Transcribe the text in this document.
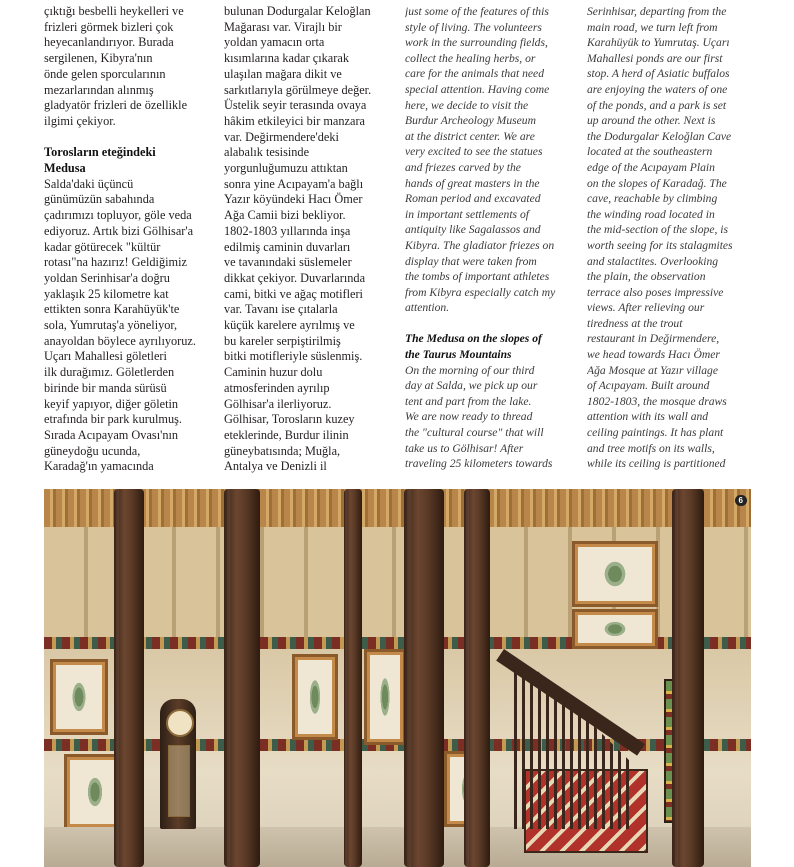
çıktığı besbelli heykelleri ve
frizleri görmek bizleri çok
heyecanlandırıyor. Burada
sergilenen, Kibyra'nın
önde gelen sporcularının
mezarlarından alınmış
gladyatör frizleri de özellikle
ilgimi çekiyor.

Torosların eteğindeki
Medusa

Salda'daki üçüncü
günümüzün sabahında
çadırımızı topluyor, göle veda
ediyoruz. Artık bizi Gölhisar'a
kadar götürecek "kültür
rotası"na hazırız! Geldiğimiz
yoldan Serinhisar'a doğru
yaklaşık 25 kilometre kat
ettikten sonra Karahüyük'te
sola, Yumrutaş'a yöneliyor,
anayoldan böylece ayrılıyoruz.
Uçarı Mahallesi göletleri
ilk durağımız. Göletlerden
birinde bir manda sürüsü
keyif yapıyor, diğer göletin
etrafında bir park kurulmuş.
Sırada Acıpayam Ovası'nın
güneydoğu ucunda,
Karadağ'ın yamacında

bulunan Dodurgalar Keloğlan
Mağarası var. Virajlı bir
yoldan yamacın orta
kısımlarına kadar çıkarak
ulaşılan mağara dikit ve
sarkıtlarıyla görülmeye değer.
Üstelik seyir terasında ovaya
hâkim etkileyici bir manzara
var. Değirmendere'deki
alabalık tesisinde
yorgunluğumuzu attıktan
sonra yine Acıpayam'a bağlı
Yazır köyündeki Hacı Ömer
Ağa Camii bizi bekliyor.
1802-1803 yıllarında inşa
edilmiş caminin duvarları
ve tavanındaki süslemeler
dikkat çekiyor. Duvarlarında
cami, bitki ve ağaç motifleri
var. Tavanı ise çıtalarla
küçük karelere ayrılmış ve
bu kareler serpiştirilmiş
bitki motifleriyle süslenmiş.
Caminin huzur dolu
atmosferinden ayrılıp
Gölhisar'a ilerliyoruz.
Gölhisar, Torosların kuzey
eteklerinde, Burdur ilinin
güneybatısında; Muğla,
Antalya ve Denizli il

just some of the features of this
style of living. The volunteers
work in the surrounding fields,
collect the healing herbs, or
care for the animals that need
special attention. Having come
here, we decide to visit the
Burdur Archeology Museum
at the district center. We are
very excited to see the statues
and friezes carved by the
hands of great masters in the
Roman period and excavated
in important settlements of
antiquity like Sagalassos and
Kibyra. The gladiator friezes on
display that were taken from
the tombs of important athletes
from Kibyra especially catch my
attention.

The Medusa on the slopes of
the Taurus Mountains

On the morning of our third
day at Salda, we pick up our
tent and part from the lake.
We are now ready to thread
the "cultural course" that will
take us to Gölhisar! After
traveling 25 kilometers towards

Serinhisar, departing from the
main road, we turn left from
Karahüyük to Yumrutaş. Uçarı
Mahallesi ponds are our first
stop. A herd of Asiatic buffalos
are enjoying the waters of one
of the ponds, and a park is set
up around the other. Next is
the Dodurgalar Keloğlan Cave
located at the southeastern
edge of the Acıpayam Plain
on the slopes of Karadağ. The
cave, reachable by climbing
the winding road located in
the mid-section of the slope, is
worth seeing for its stalagmites
and stalactites. Overlooking
the plain, the observation
terrace also poses impressive
views. After relieving our
tiredness at the trout
restaurant in Değirmendere,
we head towards Hacı Ömer
Ağa Mosque at Yazır village
of Acıpayam. Built around
1802-1803, the mosque draws
attention with its wall and
ceiling paintings. It has plant
and tree motifs on its walls,
while its ceiling is partitioned

6
